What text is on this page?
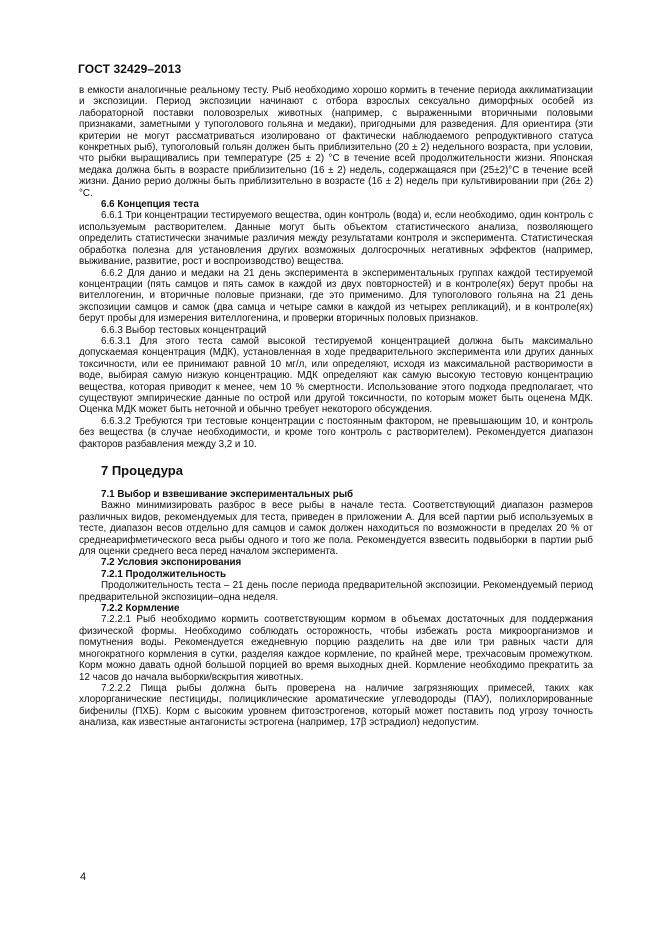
ГОСТ 32429–2013

в емкости аналогичные реальному тесту. Рыб необходимо хорошо кормить в течение периода акклиматизации и экспозиции. Период экспозиции начинают с отбора взрослых сексуально диморфных особей из лабораторной поставки половозрелых животных (например, с выраженными вторичными половыми признаками, заметными у тупоголового гольяна и медаки), пригодными для разведения. Для ориентира (эти критерии не могут рассматриваться изолировано от фактически наблюдаемого репродуктивного статуса конкретных рыб), тупоголовый гольян должен быть приблизительно (20 ± 2) недельного возраста, при условии, что рыбки выращивались при температуре (25 ± 2) °C в течение всей продолжительности жизни. Японская медака должна быть в возрасте приблизительно (16 ± 2) недель, содержащаяся при (25±2)°C в течение всей жизни. Данио рерио должны быть приблизительно в возрасте (16 ± 2) недель при культивировании при (26± 2) °C.

6.6 Концепция теста

6.6.1 Три концентрации тестируемого вещества, один контроль (вода) и, если необходимо, один контроль с используемым растворителем. Данные могут быть объектом статистического анализа, позволяющего определить статистически значимые различия между результатами контроля и эксперимента. Статистическая обработка полезна для установления других возможных долгосрочных негативных эффектов (например, выживание, развитие, рост и воспроизводство) вещества.

6.6.2 Для данио и медаки на 21 день эксперимента в экспериментальных группах каждой тестируемой концентрации (пять самцов и пять самок в каждой из двух повторностей) и в контроле(ях) берут пробы на вителлогенин, и вторичные половые признаки, где это применимо. Для тупоголового гольяна на 21 день экспозиции самцов и самок (два самца и четыре самки в каждой из четырех репликаций), и в контроле(ях) берут пробы для измерения вителлогенина, и проверки вторичных половых признаков.

6.6.3 Выбор тестовых концентраций

6.6.3.1 Для этого теста самой высокой тестируемой концентрацией должна быть максимально допускаемая концентрация (МДК), установленная в ходе предварительного эксперимента или других данных токсичности, или ее принимают равной 10 мг/л, или определяют, исходя из максимальной растворимости в воде, выбирая самую низкую концентрацию. МДК определяют как самую высокую тестовую концентрацию вещества, которая приводит к менее, чем 10 % смертности. Использование этого подхода предполагает, что существуют эмпирические данные по острой или другой токсичности, по которым может быть оценена МДК. Оценка МДК может быть неточной и обычно требует некоторого обсуждения.

6.6.3.2 Требуются три тестовые концентрации с постоянным фактором, не превышающим 10, и контроль без вещества (в случае необходимости, и кроме того контроль с растворителем). Рекомендуется диапазон факторов разбавления между 3,2 и 10.

7 Процедура
7.1 Выбор и взвешивание экспериментальных рыб

Важно минимизировать разброс в весе рыбы в начале теста. Соответствующий диапазон размеров различных видов, рекомендуемых для теста, приведен в приложении А. Для всей партии рыб используемых в тесте, диапазон весов отдельно для самцов и самок должен находиться по возможности в пределах 20 % от среднеарифметического веса рыбы одного и того же пола. Рекомендуется взвесить подвыборки в партии рыб для оценки среднего веса перед началом эксперимента.

7.2 Условия экспонирования
7.2.1 Продолжительность

Продолжительность теста – 21 день после периода предварительной экспозиции. Рекомендуемый период предварительной экспозиции–одна неделя.

7.2.2 Кормление

7.2.2.1 Рыб необходимо кормить соответствующим кормом в объемах достаточных для поддержания физической формы. Необходимо соблюдать осторожность, чтобы избежать роста микроорганизмов и помутнения воды. Рекомендуется ежедневную порцию разделить на две или три равных части для многократного кормления в сутки, разделяя каждое кормление, по крайней мере, трехчасовым промежутком. Корм можно давать одной большой порцией во время выходных дней. Кормление необходимо прекратить за 12 часов до начала выборки/вскрытия животных.

7.2.2.2 Пища рыбы должна быть проверена на наличие загрязняющих примесей, таких как хлорорганические пестициды, полициклические ароматические углеводороды (ПАУ), полихлорированные бифенилы (ПХБ). Корм с высоким уровнем фитоэстрогенов, который может поставить под угрозу точность анализа, как известные антагонисты эстрогена (например, 17β эстрадиол) недопустим.

4
